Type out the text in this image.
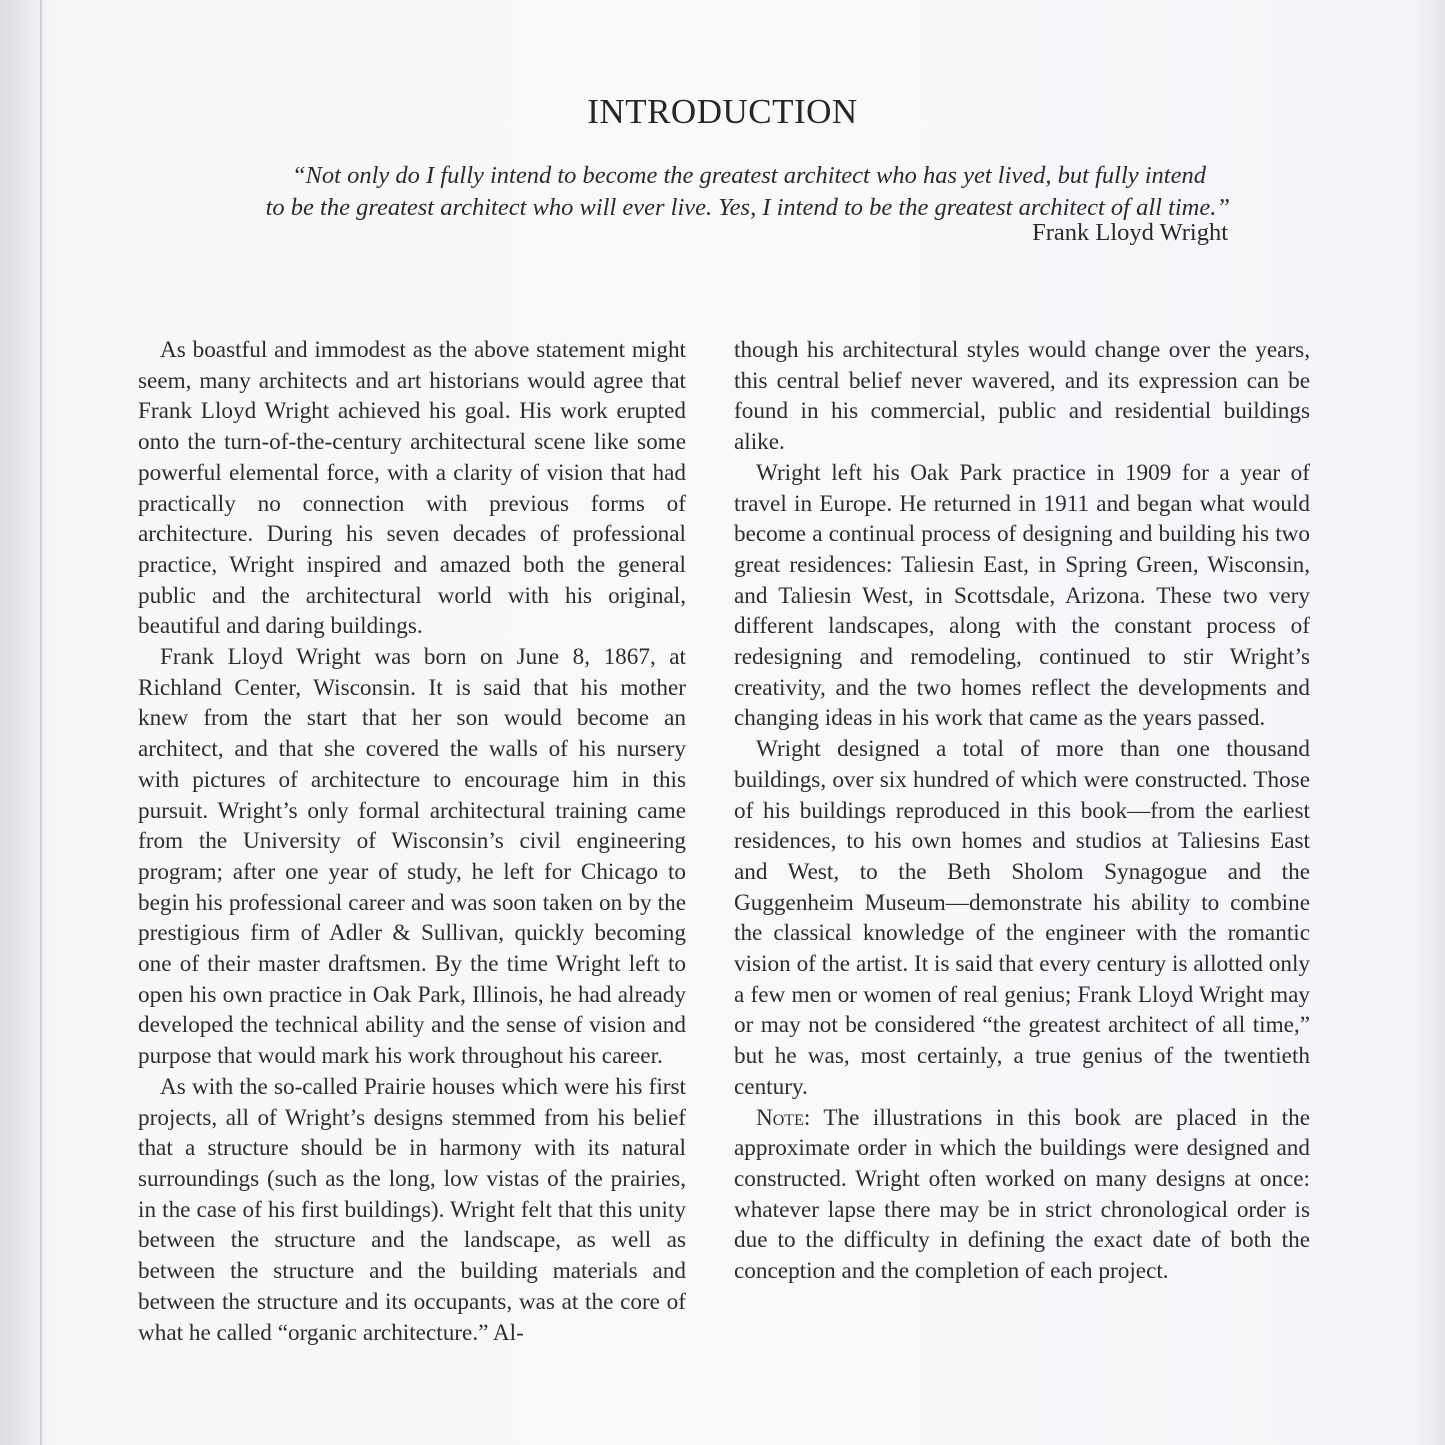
INTRODUCTION
“Not only do I fully intend to become the greatest architect who has yet lived, but fully intend
to be the greatest architect who will ever live. Yes, I intend to be the greatest architect of all time.”
Frank Lloyd Wright

As boastful and immodest as the above statement might seem, many architects and art historians would agree that Frank Lloyd Wright achieved his goal. His work erupted onto the turn-of-the-century architectural scene like some powerful elemental force, with a clarity of vision that had practically no connection with previous forms of architecture. During his seven decades of professional practice, Wright inspired and amazed both the general public and the architectural world with his original, beautiful and daring buildings.

Frank Lloyd Wright was born on June 8, 1867, at Richland Center, Wisconsin. It is said that his mother knew from the start that her son would become an architect, and that she covered the walls of his nursery with pictures of architecture to encourage him in this pursuit. Wright’s only formal architectural training came from the University of Wisconsin’s civil engineering program; after one year of study, he left for Chicago to begin his professional career and was soon taken on by the prestigious firm of Adler & Sullivan, quickly becoming one of their master draftsmen. By the time Wright left to open his own practice in Oak Park, Illinois, he had already developed the technical ability and the sense of vision and purpose that would mark his work throughout his career.

As with the so-called Prairie houses which were his first projects, all of Wright’s designs stemmed from his belief that a structure should be in harmony with its natural surroundings (such as the long, low vistas of the prairies, in the case of his first buildings). Wright felt that this unity between the structure and the landscape, as well as between the structure and the building materials and between the structure and its occupants, was at the core of what he called “organic architecture.” Al-

though his architectural styles would change over the years, this central belief never wavered, and its expression can be found in his commercial, public and residential buildings alike.

Wright left his Oak Park practice in 1909 for a year of travel in Europe. He returned in 1911 and began what would become a continual process of designing and building his two great residences: Taliesin East, in Spring Green, Wisconsin, and Taliesin West, in Scottsdale, Arizona. These two very different landscapes, along with the constant process of redesigning and remodeling, continued to stir Wright’s creativity, and the two homes reflect the developments and changing ideas in his work that came as the years passed.

Wright designed a total of more than one thousand buildings, over six hundred of which were constructed. Those of his buildings reproduced in this book—from the earliest residences, to his own homes and studios at Taliesins East and West, to the Beth Sholom Synagogue and the Guggenheim Museum—demonstrate his ability to combine the classical knowledge of the engineer with the romantic vision of the artist. It is said that every century is allotted only a few men or women of real genius; Frank Lloyd Wright may or may not be considered “the greatest architect of all time,” but he was, most certainly, a true genius of the twentieth century.

Note: The illustrations in this book are placed in the approximate order in which the buildings were designed and constructed. Wright often worked on many designs at once: whatever lapse there may be in strict chronological order is due to the difficulty in defining the exact date of both the conception and the completion of each project.
